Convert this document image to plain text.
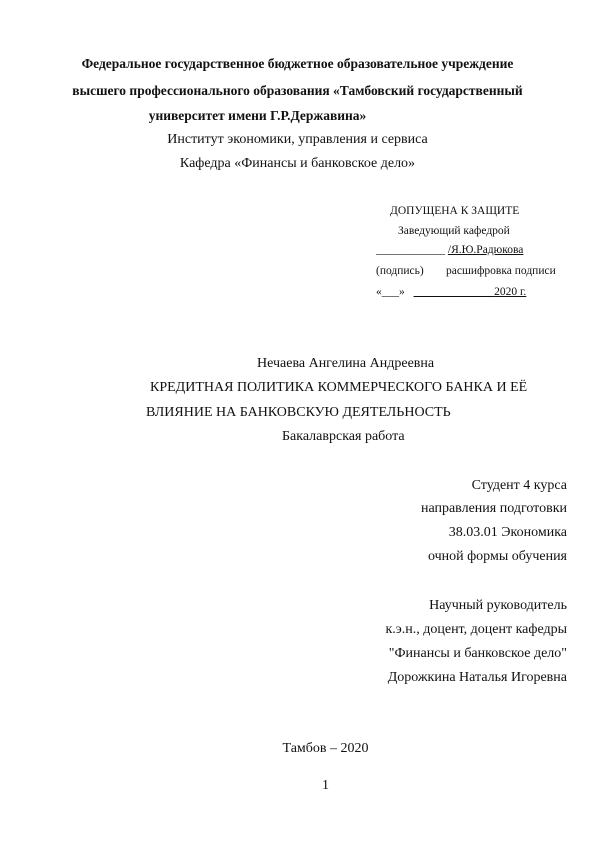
Федеральное государственное бюджетное образовательное учреждение
высшего профессионального образования «Тамбовский государственный
университет имени Г.Р.Державина»
Институт экономики, управления и сервиса
Кафедра «Финансы и банковское дело»
ДОПУЩЕНА К ЗАЩИТЕ
Заведующий кафедрой
____________ /Я.Ю.Радюкова
(подпись) расшифровка подписи
«___» ______________2020 г.
Нечаева Ангелина Андреевна
КРЕДИТНАЯ ПОЛИТИКА КОММЕРЧЕСКОГО БАНКА И ЕЁ
ВЛИЯНИЕ НА БАНКОВСКУЮ ДЕЯТЕЛЬНОСТЬ
Бакалаврская работа
Студент 4 курса
направления подготовки
38.03.01 Экономика
очной формы обучения
Научный руководитель
к.э.н., доцент, доцент кафедры
"Финансы и банковское дело"
Дорожкина Наталья Игоревна
Тамбов – 2020
1
